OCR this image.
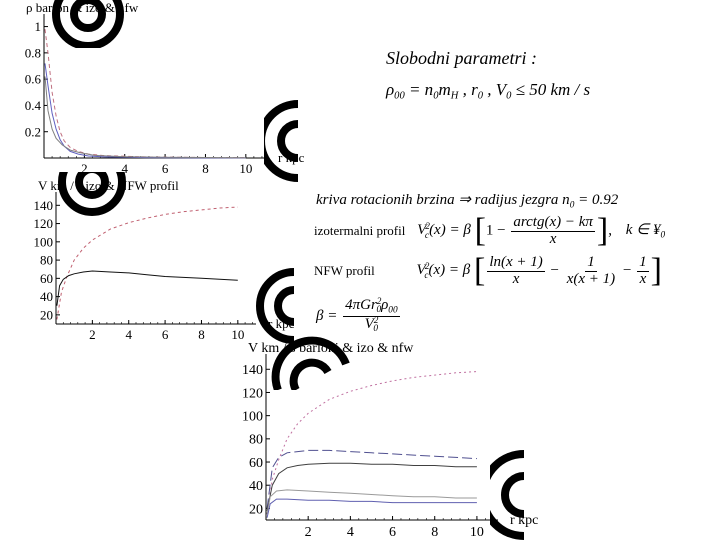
2	4	6	8 10
0.2
0.4
0.6
0.8
1
r kpc
ρ barion & izo & nfw
2 4 6 8 10
20
40
60
80
100
120
140
r kpc
V km / s izo & NFW profil
2	4	6	8 10
20
40
60
80
100
120
140
r kpc
V km / s barioni & izo & nfw
Slobodni parametri :
$\rho_{00} = n_0m_H$ , $r_0$ , $V_0 \le 50$ km / s
kriva rotacionih brzina ⇒ radijus jezgra $n_0 = 0.92$
izotermalni profil $V^2_c(x) = \beta$ [$1 - \frac{\text{arctg(x) − kπ}}{x}$ ], k ∈ $¥_0$
NFW profil	$V^2_c(x) = \beta$ [ $\frac{\ln(x + 1)}{x} - \frac{1}{x(x + 1)} - \frac{1}{x}$ ]
$\beta = \frac{4\pi Gr^2_0\rho_{00}}{V^2_0}$
